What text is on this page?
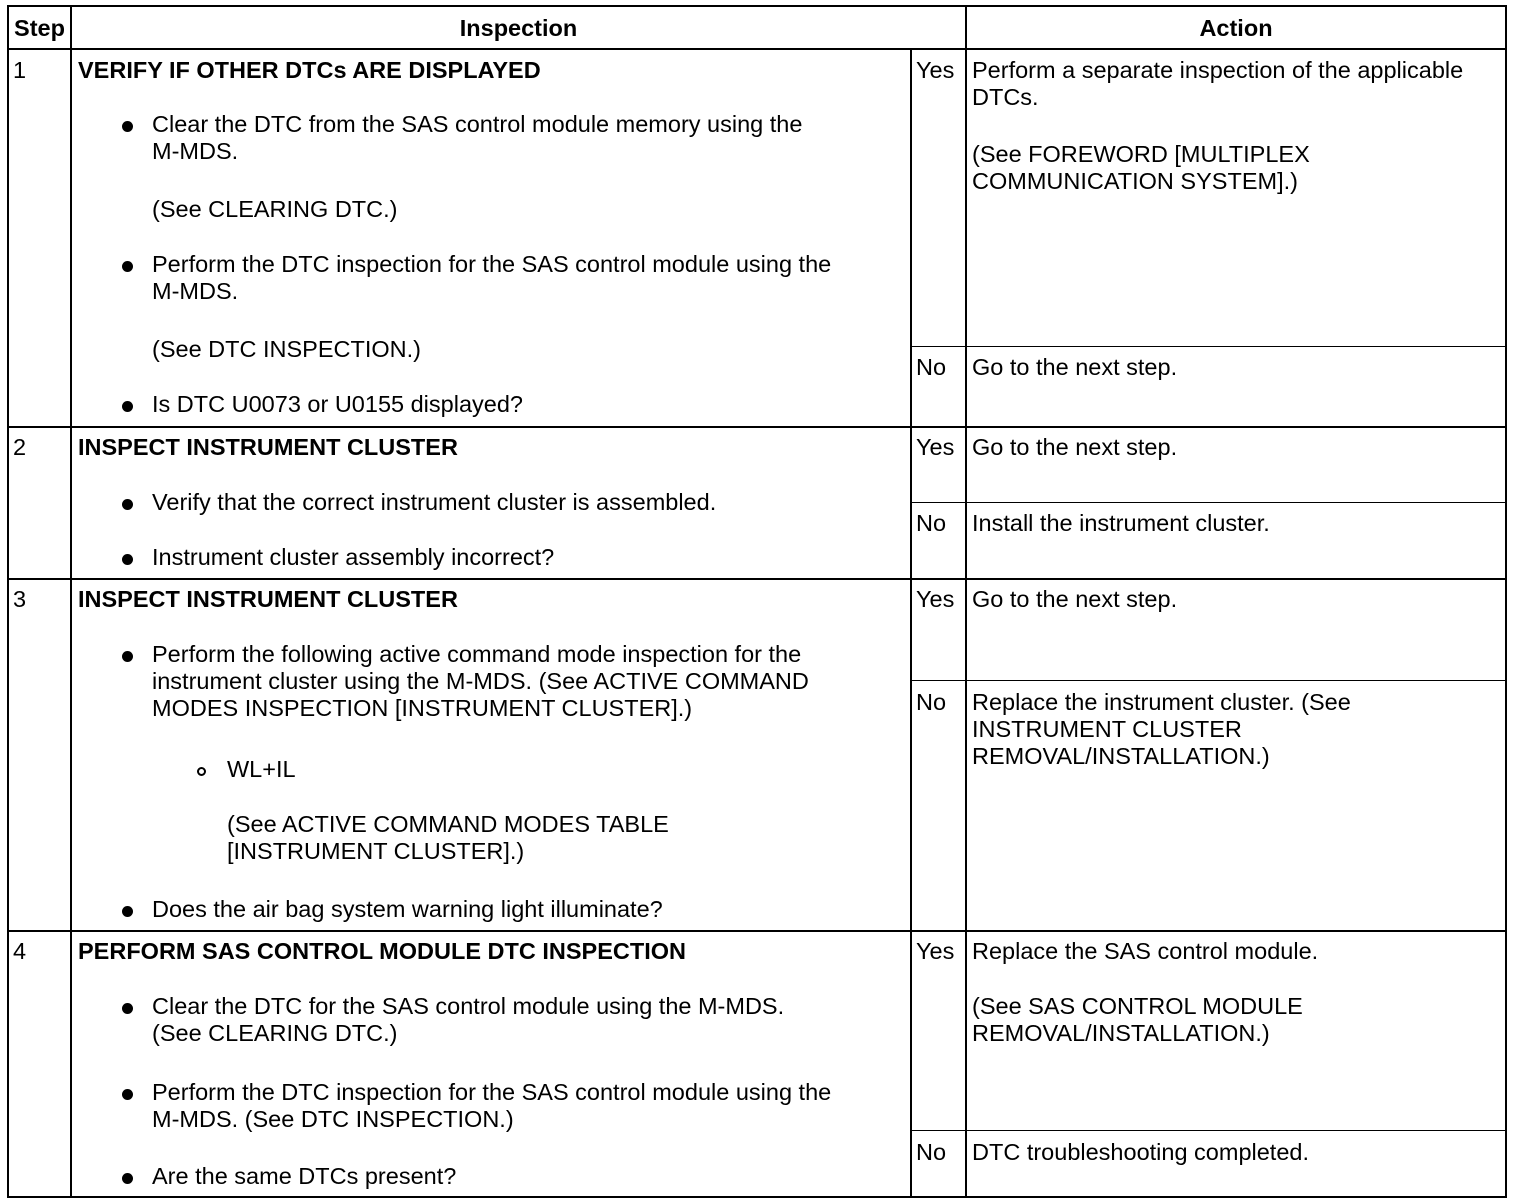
Step	Inspection	Action
1 VERIFY IF OTHER DTCs ARE DISPLAYED
Clear the DTC from the SAS control module memory using the
M-MDS.
(See CLEARING DTC.)
Perform the DTC inspection for the SAS control module using the
M-MDS.
(See DTC INSPECTION.)
Is DTC U0073 or U0155 displayed?
Yes Perform a separate inspection of the applicable
DTCs.
(See FOREWORD [MULTIPLEX
COMMUNICATION SYSTEM].)
No Go to the next step.
2 INSPECT INSTRUMENT CLUSTER
Verify that the correct instrument cluster is assembled.
Instrument cluster assembly incorrect?
Yes Go to the next step.
No Install the instrument cluster.
3 INSPECT INSTRUMENT CLUSTER
Perform the following active command mode inspection for the
instrument cluster using the M-MDS. (See ACTIVE COMMAND
MODES INSPECTION [INSTRUMENT CLUSTER].)
WL+IL
(See ACTIVE COMMAND MODES TABLE
[INSTRUMENT CLUSTER].)
Does the air bag system warning light illuminate?
Yes Go to the next step.
No Replace the instrument cluster. (See
INSTRUMENT CLUSTER
REMOVAL/INSTALLATION.)
4 PERFORM SAS CONTROL MODULE DTC INSPECTION
Clear the DTC for the SAS control module using the M-MDS.
(See CLEARING DTC.)
Perform the DTC inspection for the SAS control module using the
M-MDS. (See DTC INSPECTION.)
Are the same DTCs present?
Yes Replace the SAS control module.
(See SAS CONTROL MODULE
REMOVAL/INSTALLATION.)
No DTC troubleshooting completed.
